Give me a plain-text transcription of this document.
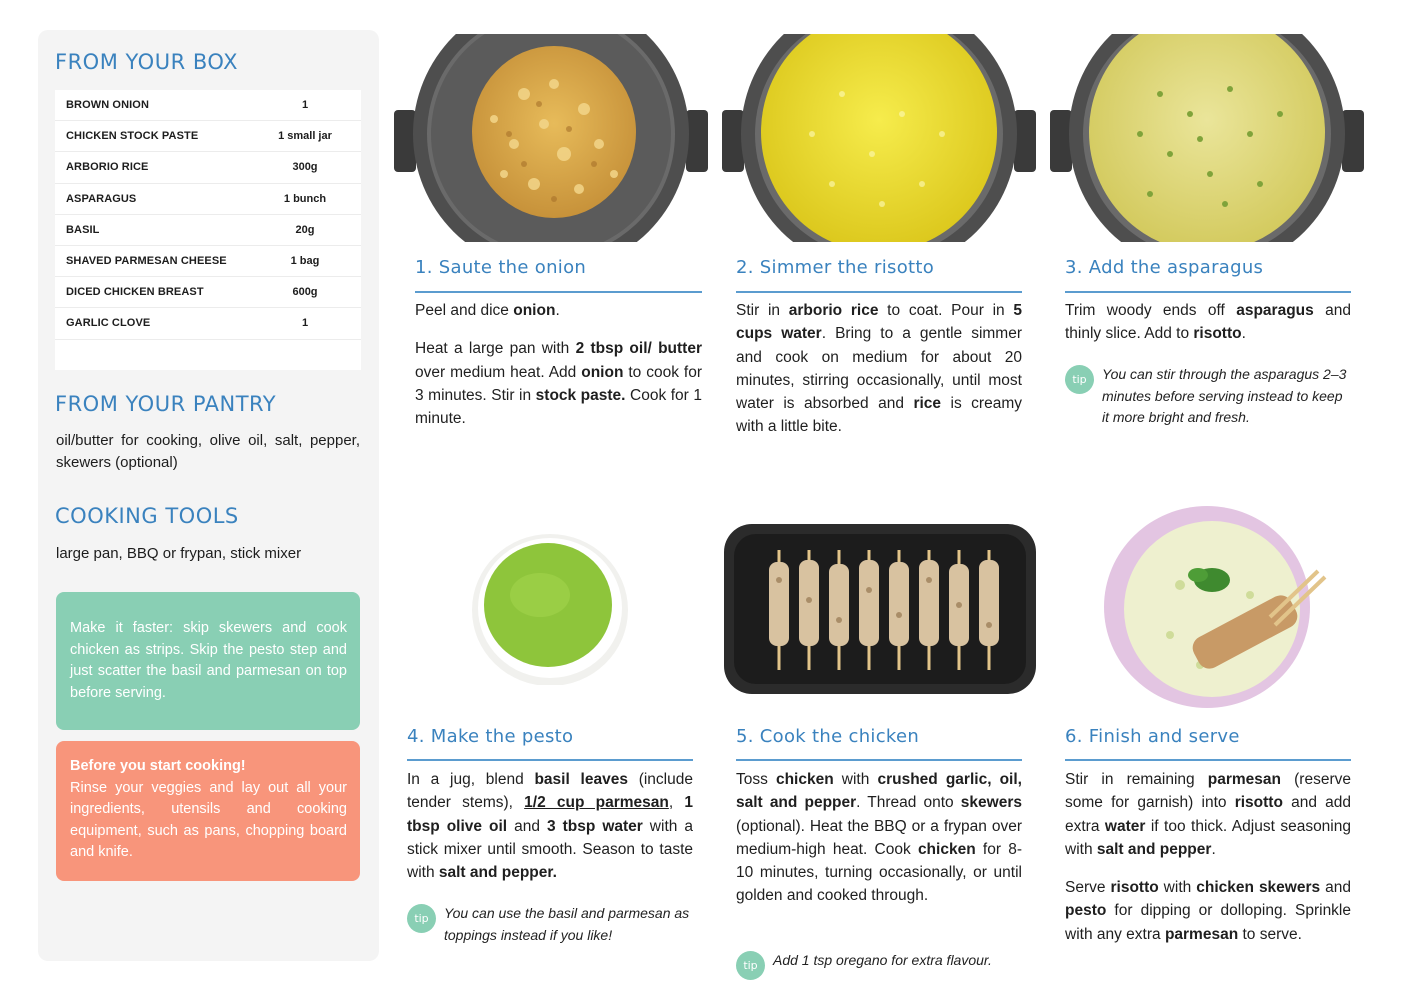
FROM YOUR BOX
BROWN ONION	1
CHICKEN STOCK PASTE	1 small jar
ARBORIO RICE	300g
ASPARAGUS	1 bunch
BASIL	20g
SHAVED PARMESAN CHEESE	1 bag
DICED CHICKEN BREAST	600g
GARLIC CLOVE	1
FROM YOUR PANTRY
oil/butter for cooking, olive oil, salt, pepper, skewers (optional)
COOKING TOOLS
large pan, BBQ or frypan, stick mixer
Make it faster: skip skewers and cook chicken as strips. Skip the pesto step and just scatter the basil and parmesan on top before serving.
Before you start cooking!
Rinse your veggies and lay out all your ingredients, utensils and cooking equipment, such as pans, chopping board and knife.
1. Saute the onion

Peel and dice onion.

Heat a large pan with 2 tbsp oil/ butter over medium heat. Add onion to cook for 3 minutes. Stir in stock paste. Cook for 1 minute.

2. Simmer the risotto

Stir in arborio rice to coat. Pour in 5 cups water. Bring to a gentle simmer and cook on medium for about 20 minutes, stirring occasionally, until most water is absorbed and rice is creamy with a little bite.

3. Add the asparagus

Trim woody ends off asparagus and thinly slice. Add to risotto.

tip	You can stir through the asparagus 2–3 minutes before serving instead to keep it more bright and fresh.
4. Make the pesto

In a jug, blend basil leaves (include tender stems), 1/2 cup parmesan, 1 tbsp olive oil and 3 tbsp water with a stick mixer until smooth. Season to taste with salt and pepper.

tip	You can use the basil and parmesan as toppings instead if you like!
5. Cook the chicken

Toss chicken with crushed garlic, oil, salt and pepper. Thread onto skewers (optional). Heat the BBQ or a frypan over medium-high heat. Cook chicken for 8-10 minutes, turning occasionally, or until golden and cooked through.

tip	Add 1 tsp oregano for extra flavour.
6. Finish and serve

Stir in remaining parmesan (reserve some for garnish) into risotto and add extra water if too thick. Adjust seasoning with salt and pepper.

Serve risotto with chicken skewers and pesto for dipping or dolloping. Sprinkle with any extra parmesan to serve.
